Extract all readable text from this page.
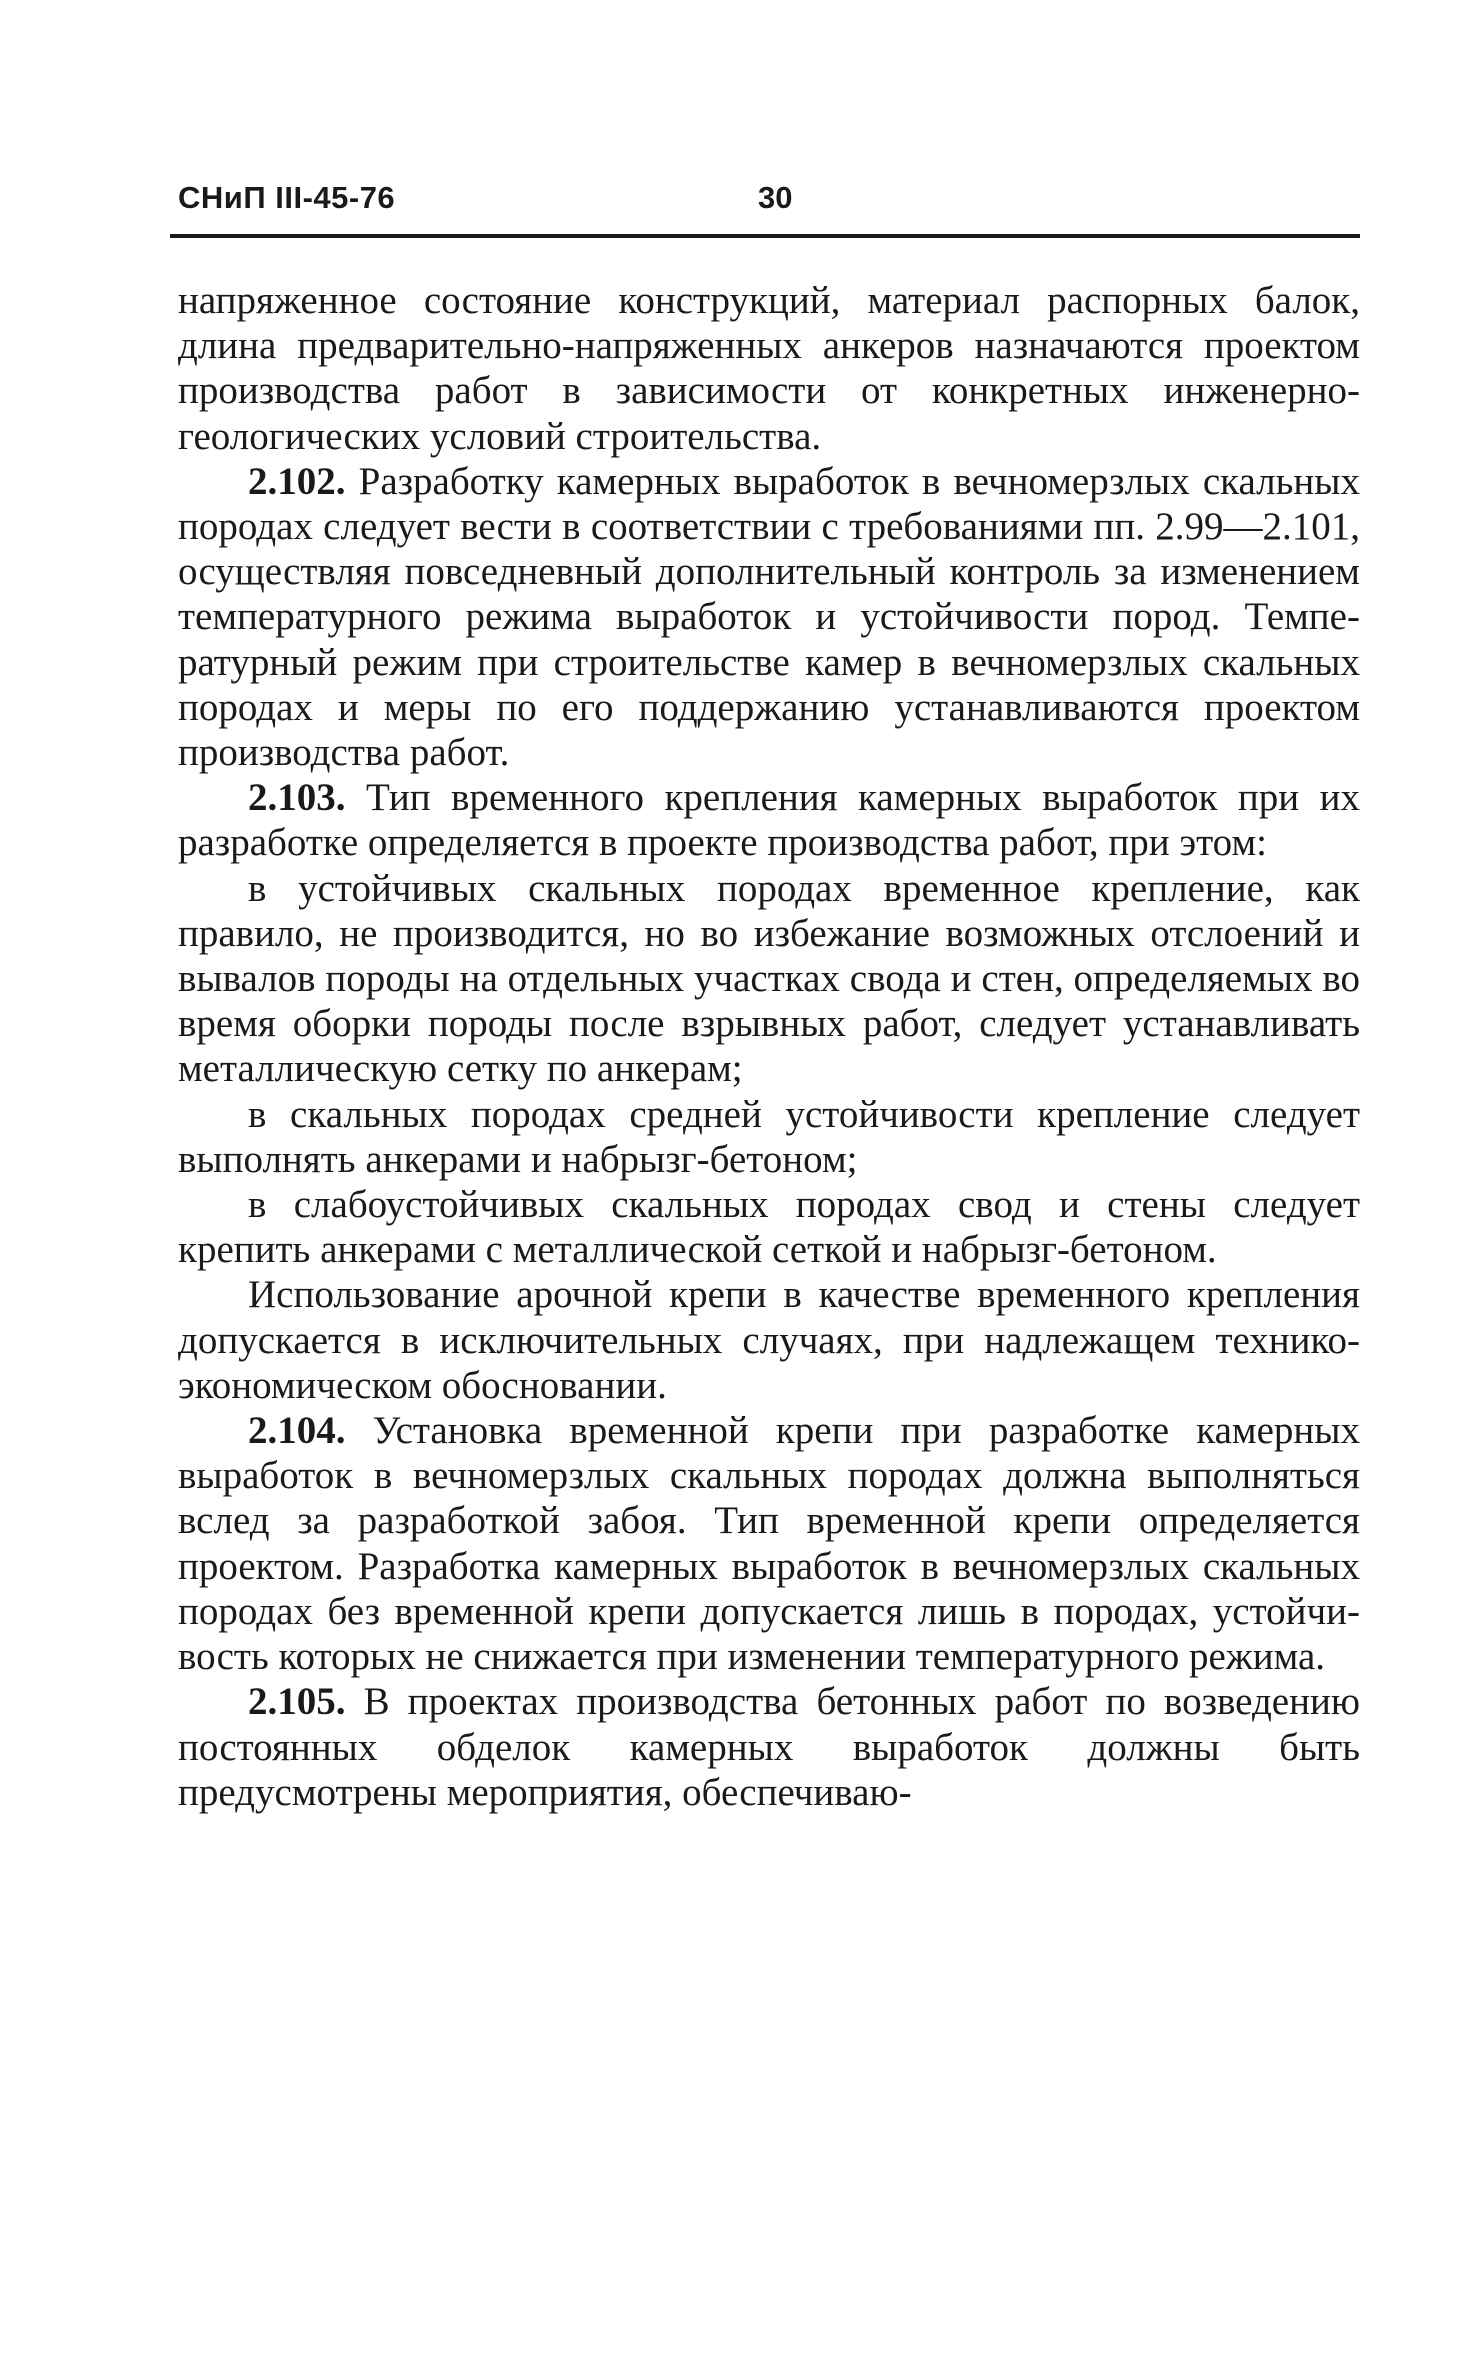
СНиП III-45-76	30

напряженное состояние конструкций, материал распорных балок, длина предварительно-напряженных анкеров назначаются проектом производства работ в зависимости от конкретных инженерно-геологических условий строительства.

2.102. Разработку камерных выработок в вечномерзлых скальных породах следует вести в соответствии с требованиями пп. 2.99—2.101, осуществляя повседневный дополнительный контроль за изменением температурного режима выработок и устойчивости пород. Температурный режим при строительстве камер в вечномерзлых скальных породах и меры по его поддержанию устанавливаются проектом производства работ.

2.103. Тип временного крепления камерных выработок при их разработке определяется в проекте производства работ, при этом:

в устойчивых скальных породах временное крепление, как правило, не производится, но во избежание возможных отслоений и вывалов породы на отдельных участках свода и стен, определяемых во время оборки породы после взрывных работ, следует устанавливать металлическую сетку по анкерам;

в скальных породах средней устойчивости крепление следует выполнять анкерами и набрызг-бетоном;

в слабоустойчивых скальных породах свод и стены следует крепить анкерами с металлической сеткой и набрызг-бетоном.

Использование арочной крепи в качестве временного крепления допускается в исключительных случаях, при надлежащем технико-экономическом обосновании.

2.104. Установка временной крепи при разработке камерных выработок в вечномерзлых скальных породах должна выполняться вслед за разработкой забоя. Тип временной крепи определяется проектом. Разработка камерных выработок в вечномерзлых скальных породах без временной крепи допускается лишь в породах, устойчивость которых не снижается при изменении температурного режима.

2.105. В проектах производства бетонных работ по возведению постоянных обделок камерных выработок должны быть предусмотрены мероприятия, обеспечиваю-
